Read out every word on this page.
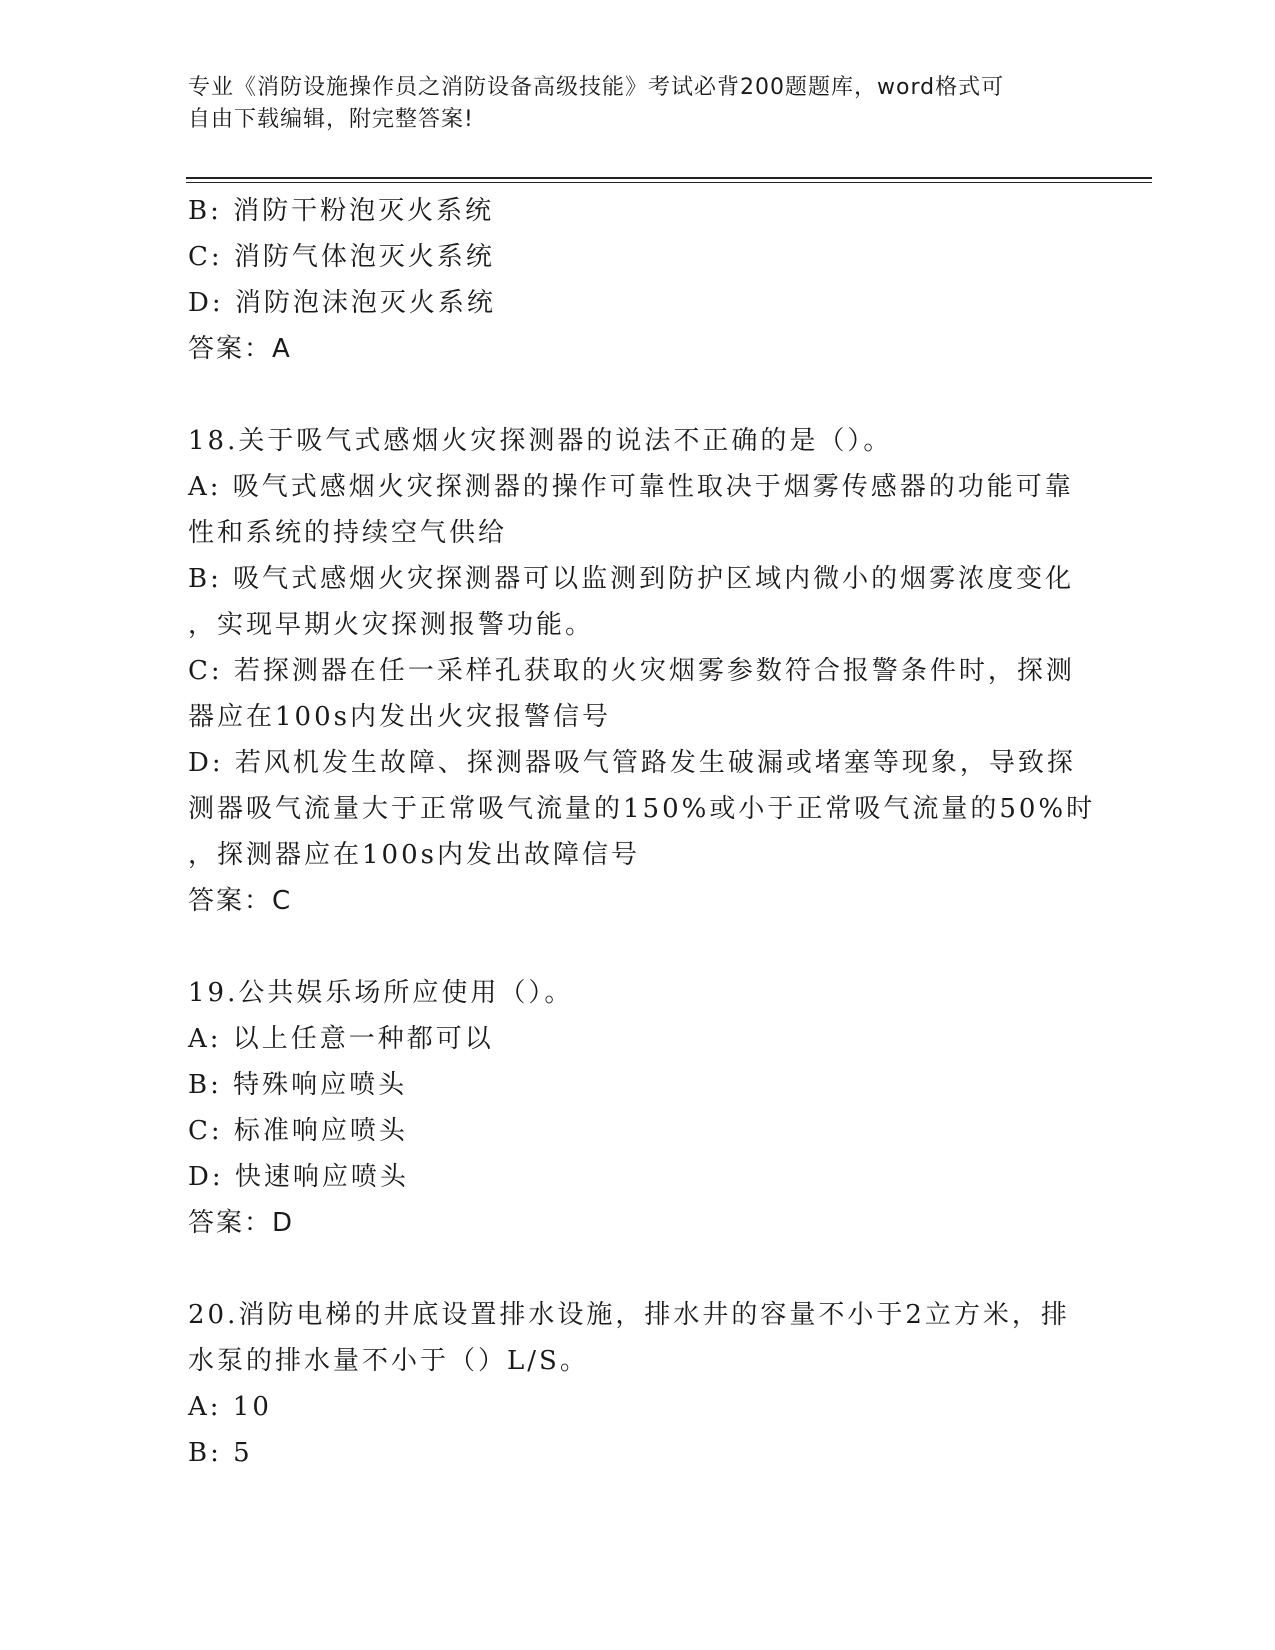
专业《消防设施操作员之消防设备高级技能》考试必背200题题库，word格式可
自由下载编辑，附完整答案!
B: 消防干粉泡灭火系统
C: 消防气体泡灭火系统
D: 消防泡沫泡灭火系统
答案：A
18.关于吸气式感烟火灾探测器的说法不正确的是（）。
A: 吸气式感烟火灾探测器的操作可靠性取决于烟雾传感器的功能可靠
性和系统的持续空气供给
B: 吸气式感烟火灾探测器可以监测到防护区域内微小的烟雾浓度变化
，实现早期火灾探测报警功能。
C: 若探测器在任一采样孔获取的火灾烟雾参数符合报警条件时，探测
器应在100s内发出火灾报警信号
D: 若风机发生故障、探测器吸气管路发生破漏或堵塞等现象，导致探
测器吸气流量大于正常吸气流量的150%或小于正常吸气流量的50%时
，探测器应在100s内发出故障信号
答案：C
19.公共娱乐场所应使用（）。
A: 以上任意一种都可以
B: 特殊响应喷头
C: 标准响应喷头
D: 快速响应喷头
答案：D
20.消防电梯的井底设置排水设施，排水井的容量不小于2立方米，排
水泵的排水量不小于（）L/S。
A: 10
B: 5
